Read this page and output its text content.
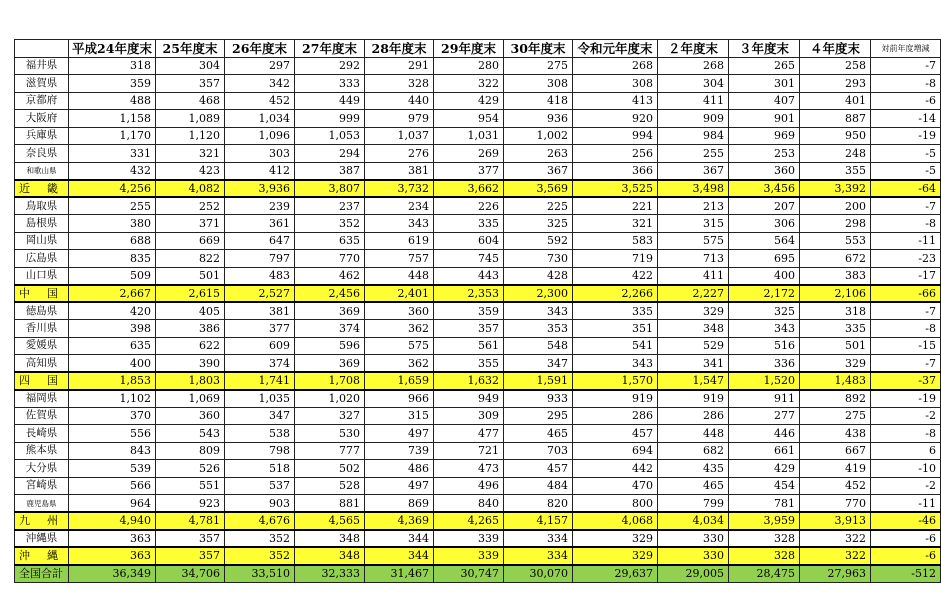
	平成24年度末	25年度末	26年度末	27年度末	28年度末	29年度末	30年度末	令和元年度末	２年度末	３年度末	４年度末	対前年度増減
福井県	318	304	297	292	291	280	275	268	268	265	258	-7
滋賀県	359	357	342	333	328	322	308	308	304	301	293	-8
京都府	488	468	452	449	440	429	418	413	411	407	401	-6
大阪府	1,158	1,089	1,034	999	979	954	936	920	909	901	887	-14
兵庫県	1,170	1,120	1,096	1,053	1,037	1,031	1,002	994	984	969	950	-19
奈良県	331	321	303	294	276	269	263	256	255	253	248	-5
和歌山県	432	423	412	387	381	377	367	366	367	360	355	-5
近　畿	4,256	4,082	3,936	3,807	3,732	3,662	3,569	3,525	3,498	3,456	3,392	-64
鳥取県	255	252	239	237	234	226	225	221	213	207	200	-7
島根県	380	371	361	352	343	335	325	321	315	306	298	-8
岡山県	688	669	647	635	619	604	592	583	575	564	553	-11
広島県	835	822	797	770	757	745	730	719	713	695	672	-23
山口県	509	501	483	462	448	443	428	422	411	400	383	-17
中　国	2,667	2,615	2,527	2,456	2,401	2,353	2,300	2,266	2,227	2,172	2,106	-66
徳島県	420	405	381	369	360	359	343	335	329	325	318	-7
香川県	398	386	377	374	362	357	353	351	348	343	335	-8
愛媛県	635	622	609	596	575	561	548	541	529	516	501	-15
高知県	400	390	374	369	362	355	347	343	341	336	329	-7
四　国	1,853	1,803	1,741	1,708	1,659	1,632	1,591	1,570	1,547	1,520	1,483	-37
福岡県	1,102	1,069	1,035	1,020	966	949	933	919	919	911	892	-19
佐賀県	370	360	347	327	315	309	295	286	286	277	275	-2
長崎県	556	543	538	530	497	477	465	457	448	446	438	-8
熊本県	843	809	798	777	739	721	703	694	682	661	667	6
大分県	539	526	518	502	486	473	457	442	435	429	419	-10
宮崎県	566	551	537	528	497	496	484	470	465	454	452	-2
鹿児島県	964	923	903	881	869	840	820	800	799	781	770	-11
九　州	4,940	4,781	4,676	4,565	4,369	4,265	4,157	4,068	4,034	3,959	3,913	-46
沖縄県	363	357	352	348	344	339	334	329	330	328	322	-6
沖　縄	363	357	352	348	344	339	334	329	330	328	322	-6
全国合計	36,349	34,706	33,510	32,333	31,467	30,747	30,070	29,637	29,005	28,475	27,963	-512
